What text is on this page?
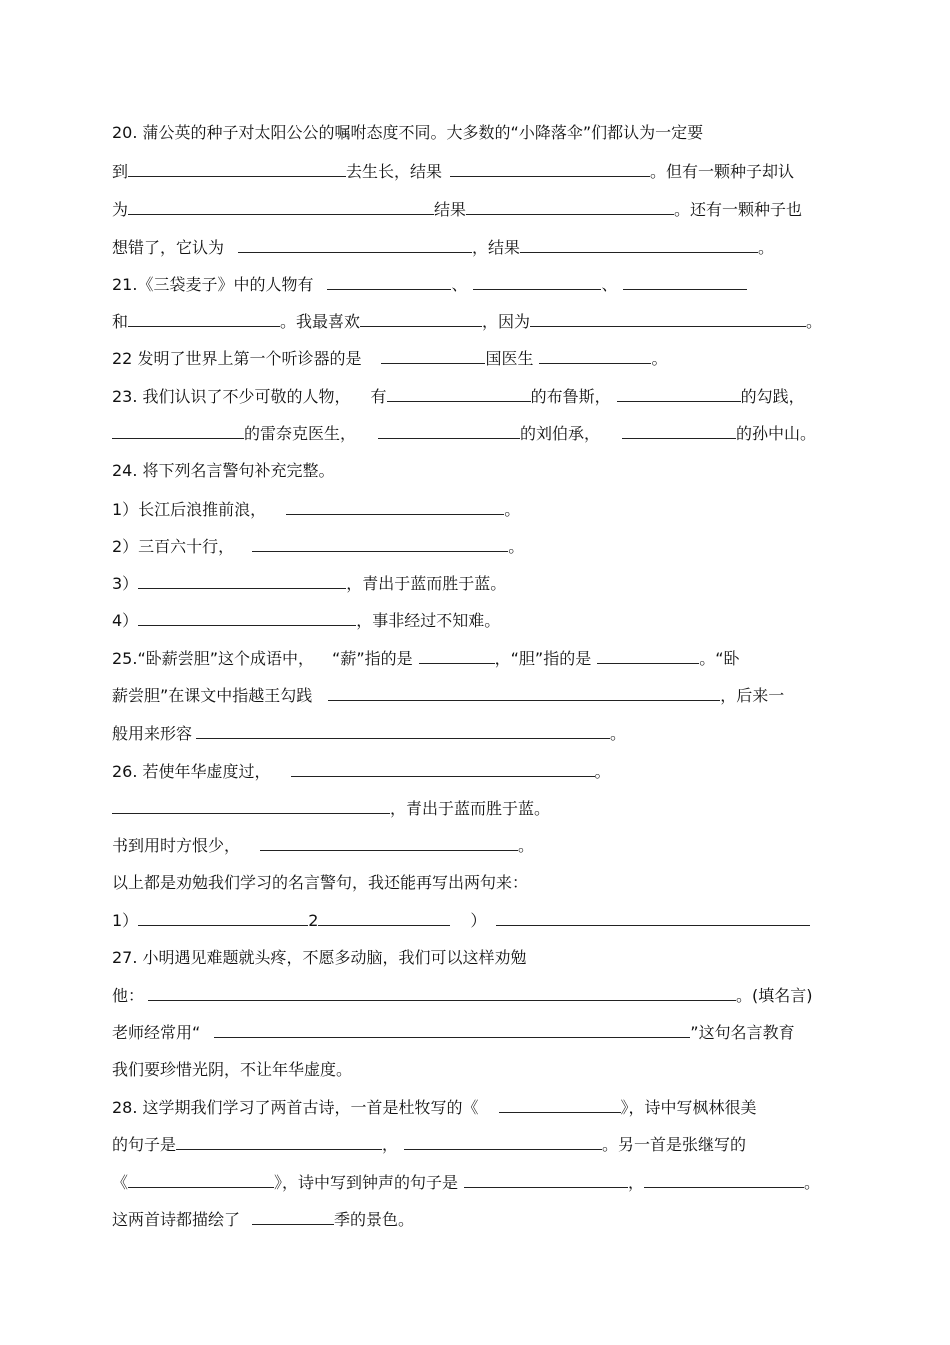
20. 蒲公英的种子对太阳公公的嘱咐态度不同。大多数的“小降落伞”们都认为一定要
到	去生长，结果	。但有一颗种子却认
为	结果	。还有一颗种子也
想错了，它认为	，结果	。
21.《三袋麦子》中的人物有	、	、
和	。我最喜欢	，因为	。
22 发明了世界上第一个听诊器的是	国医生	。
23. 我们认识了不少可敬的人物， 有	的布鲁斯，	的勾践，
的雷奈克医生，	的刘伯承，	的孙中山。
24. 将下列名言警句补充完整。
1）长江后浪推前浪，	。
2）三百六十行，	。
3）	，青出于蓝而胜于蓝。
4）	，事非经过不知难。
25.“卧薪尝胆”这个成语中， “薪”指的是	，“胆”指的是	。“卧
薪尝胆”在课文中指越王勾践	，后来一
般用来形容	。
26. 若使年华虚度过，	。
，青出于蓝而胜于蓝。
书到用时方恨少，	。
以上都是劝勉我们学习的名言警句，我还能再写出两句来：
1）	2	）
27. 小明遇见难题就头疼，不愿多动脑，我们可以这样劝勉
他：	。(填名言)
老师经常用“	”这句名言教育
我们要珍惜光阴，不让年华虚度。
28. 这学期我们学习了两首古诗，一首是杜牧写的《	》，诗中写枫林很美
的句子是	，	。另一首是张继写的
《	》，诗中写到钟声的句子是	，	。
这两首诗都描绘了	季的景色。
